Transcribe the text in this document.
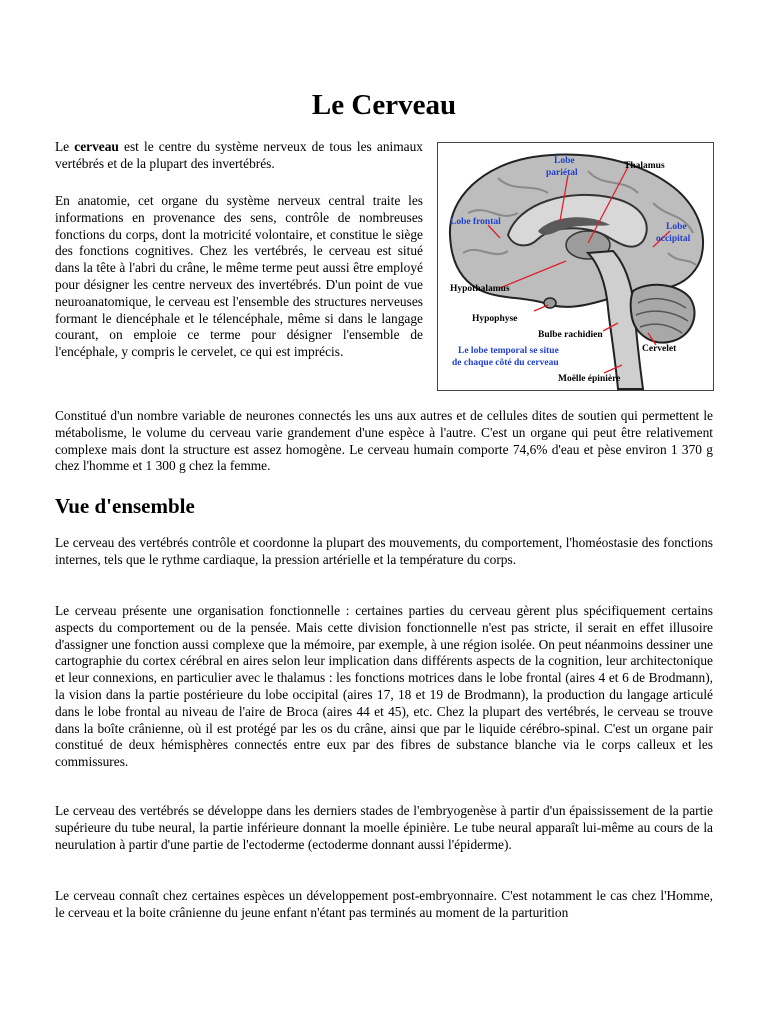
Le Cerveau

Le cerveau est le centre du système nerveux de tous les animaux vertébrés et de la plupart des invertébrés.

En anatomie, cet organe du système nerveux central traite les informations en provenance des sens, contrôle de nombreuses fonctions du corps, dont la motricité volontaire, et constitue le siège des fonctions cognitives. Chez les vertébrés, le cerveau est situé dans la tête à l'abri du crâne, le même terme peut aussi être employé pour désigner les centre nerveux des invertébrés. D'un point de vue neuroanatomique, le cerveau est l'ensemble des structures nerveuses formant le diencéphale et le télencéphale, même si dans le langage courant, on emploie ce terme pour désigner l'ensemble de l'encéphale, y compris le cervelet, ce qui est imprécis.

Lobe
pariétal
Thalamus
Lobe frontal	Lobe
occipital
Hypothalamus
Hypophyse
Bulbe rachidien
Cervelet
Le lobe temporal se situe
de chaque côté du cerveau
Moëlle épinière

Constitué d'un nombre variable de neurones connectés les uns aux autres et de cellules dites de soutien qui permettent le métabolisme, le volume du cerveau varie grandement d'une espèce à l'autre. C'est un organe qui peut être relativement complexe mais dont la structure est assez homogène. Le cerveau humain comporte 74,6% d'eau et pèse environ 1 370 g chez l'homme et 1 300 g chez la femme.

Vue d'ensemble

Le cerveau des vertébrés contrôle et coordonne la plupart des mouvements, du comportement, l'homéostasie des fonctions internes, tels que le rythme cardiaque, la pression artérielle et la température du corps.

Le cerveau présente une organisation fonctionnelle : certaines parties du cerveau gèrent plus spécifiquement certains aspects du comportement ou de la pensée. Mais cette division fonctionnelle n'est pas stricte, il serait en effet illusoire d'assigner une fonction aussi complexe que la mémoire, par exemple, à une région isolée. On peut néanmoins dessiner une cartographie du cortex cérébral en aires selon leur implication dans différents aspects de la cognition, leur architectonique et leur connexions, en particulier avec le thalamus : les fonctions motrices dans le lobe frontal (aires 4 et 6 de Brodmann), la vision dans la partie postérieure du lobe occipital (aires 17, 18 et 19 de Brodmann), la production du langage articulé dans le lobe frontal au niveau de l'aire de Broca (aires 44 et 45), etc. Chez la plupart des vertébrés, le cerveau se trouve dans la boîte crânienne, où il est protégé par les os du crâne, ainsi que par le liquide cérébro-spinal. C'est un organe pair constitué de deux hémisphères connectés entre eux par des fibres de substance blanche via le corps calleux et les commissures.

Le cerveau des vertébrés se développe dans les derniers stades de l'embryogenèse à partir d'un épaississement de la partie supérieure du tube neural, la partie inférieure donnant la moelle épinière. Le tube neural apparaît lui-même au cours de la neurulation à partir d'une partie de l'ectoderme (ectoderme donnant aussi l'épiderme).

Le cerveau connaît chez certaines espèces un développement post-embryonnaire. C'est notamment le cas chez l'Homme, le cerveau et la boite crânienne du jeune enfant n'étant pas terminés au moment de la parturition
